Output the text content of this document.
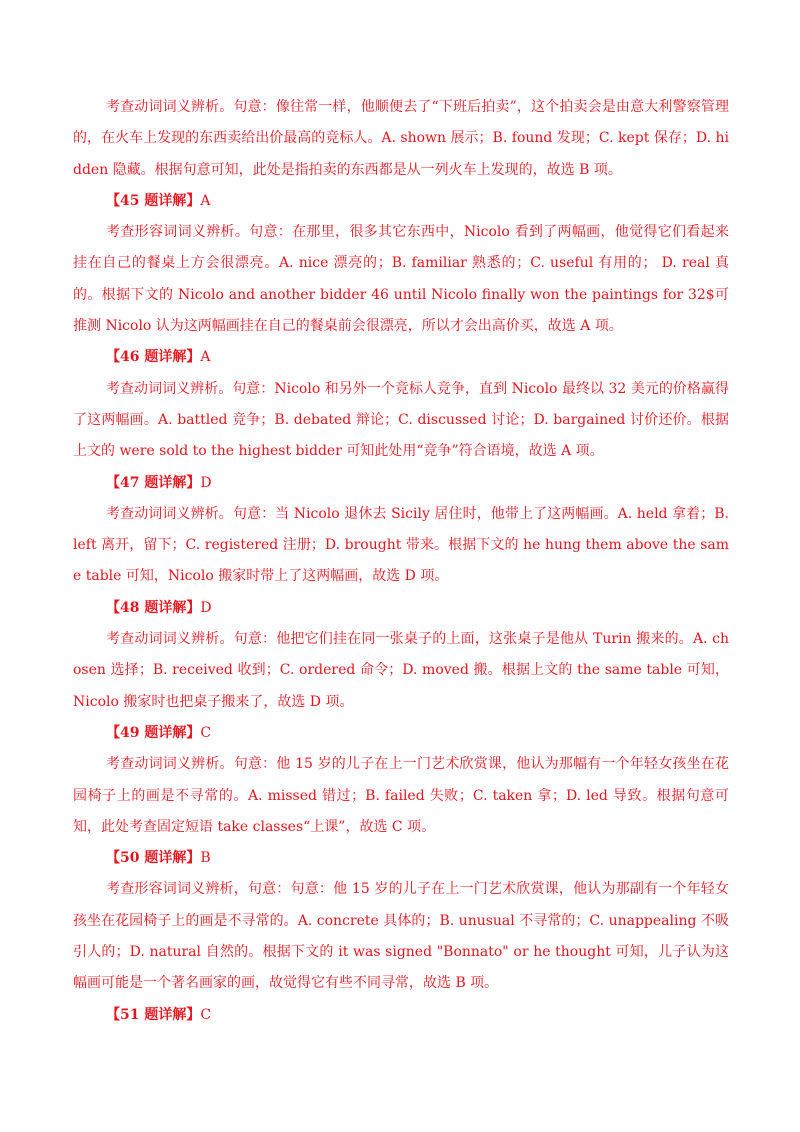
考查动词词义辨析。句意：像往常一样，他顺便去了“下班后拍卖”，这个拍卖会是由意大利警察管理的，在火车上发现的东西卖给出价最高的竞标人。A. shown 展示；B. found 发现；C. kept 保存；D. hidden 隐藏。根据句意可知，此处是指拍卖的东西都是从一列火车上发现的，故选 B 项。

【45 题详解】A

考查形容词词义辨析。句意：在那里，很多其它东西中，Nicolo 看到了两幅画，他觉得它们看起来挂在自己的餐桌上方会很漂亮。A. nice 漂亮的；B. familiar 熟悉的；C. useful 有用的； D. real 真的。根据下文的 Nicolo and another bidder 46 until Nicolo finally won the paintings for 32$可推测 Nicolo 认为这两幅画挂在自己的餐桌前会很漂亮，所以才会出高价买，故选 A 项。

【46 题详解】A

考查动词词义辨析。句意：Nicolo 和另外一个竞标人竞争，直到 Nicolo 最终以 32 美元的价格赢得了这两幅画。A. battled 竞争；B. debated 辩论；C. discussed 讨论；D. bargained 讨价还价。根据上文的 were sold to the highest bidder 可知此处用“竞争”符合语境，故选 A 项。

【47 题详解】D

考查动词词义辨析。句意：当 Nicolo 退休去 Sicily 居住时，他带上了这两幅画。A. held 拿着；B. left 离开，留下；C. registered 注册；D. brought 带来。根据下文的 he hung them above the same table 可知，Nicolo 搬家时带上了这两幅画，故选 D 项。

【48 题详解】D

考查动词词义辨析。句意：他把它们挂在同一张桌子的上面，这张桌子是他从 Turin 搬来的。A. chosen 选择；B. received 收到；C. ordered 命令；D. moved 搬。根据上文的 the same table 可知，Nicolo 搬家时也把桌子搬来了，故选 D 项。

【49 题详解】C

考查动词词义辨析。句意：他 15 岁的儿子在上一门艺术欣赏课，他认为那幅有一个年轻女孩坐在花园椅子上的画是不寻常的。A. missed 错过；B. failed 失败；C. taken 拿；D. led 导致。根据句意可知，此处考查固定短语 take classes“上课”，故选 C 项。

【50 题详解】B

考查形容词词义辨析，句意：句意：他 15 岁的儿子在上一门艺术欣赏课，他认为那副有一个年轻女孩坐在花园椅子上的画是不寻常的。A. concrete 具体的；B. unusual 不寻常的；C. unappealing 不吸引人的；D. natural 自然的。根据下文的 it was signed "Bonnato" or he thought 可知，儿子认为这幅画可能是一个著名画家的画，故觉得它有些不同寻常，故选 B 项。

【51 题详解】C
